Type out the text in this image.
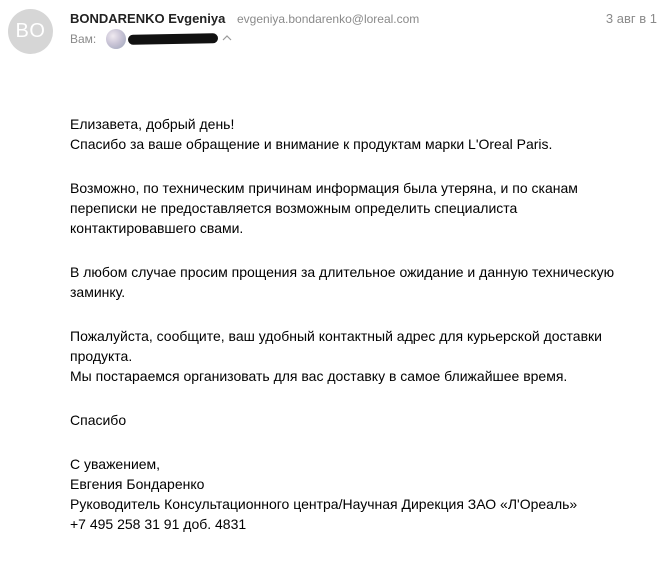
BO
BONDARENKO Evgeniya evgeniya.bondarenko@loreal.com	3 авг в 1
Вам:
Елизавета, добрый день!
Спасибо за ваше обращение и внимание к продуктам марки L'Oreal Paris.
Возможно, по техническим причинам информация была утеряна, и по сканам
переписки не предоставляется возможным определить специалиста
контактировавшего свами.
В любом случае просим прощения за длительное ожидание и данную техническую
заминку.
Пожалуйста, сообщите, ваш удобный контактный адрес для курьерской доставки
продукта.
Мы постараемся организовать для вас доставку в самое ближайшее время.
Спасибо
С уважением,
Евгения Бондаренко
Руководитель Консультационного центра/Научная Дирекция ЗАО «Л'Ореаль»
+7 495 258 31 91 доб. 4831
